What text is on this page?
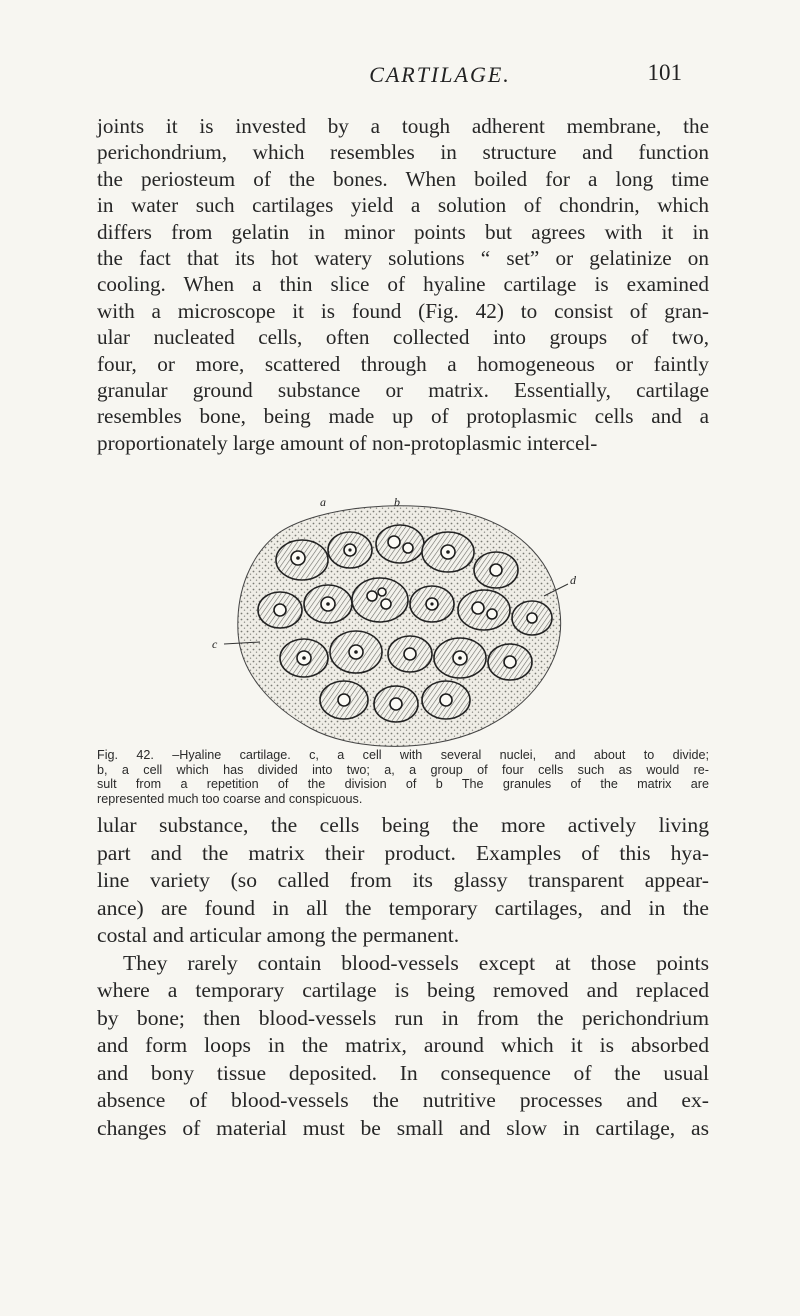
CARTILAGE.	101
joints it is invested by a tough adherent membrane, the
perichondrium, which resembles in structure and function
the periosteum of the bones. When boiled for a long time
in water such cartilages yield a solution of chondrin, which
differs from gelatin in minor points but agrees with it in
the fact that its hot watery solutions “ set” or gelatinize on
cooling. When a thin slice of hyaline cartilage is examined
with a microscope it is found (Fig. 42) to consist of gran-
ular nucleated cells, often collected into groups of two,
four, or more, scattered through a homogeneous or faintly
granular ground substance or matrix. Essentially, cartilage
resembles bone, being made up of protoplasmic cells and a
proportionately large amount of non-protoplasmic intercel-
a	b
c
d
Fig. 42. –Hyaline cartilage. c, a cell with several nuclei, and about to divide;
b, a cell which has divided into two; a, a group of four cells such as would re-
sult from a repetition of the division of b The granules of the matrix are
represented much too coarse and conspicuous.
lular substance, the cells being the more actively living
part and the matrix their product. Examples of this hya-
line variety (so called from its glassy transparent appear-
ance) are found in all the temporary cartilages, and in the
costal and articular among the permanent.
They rarely contain blood-vessels except at those points
where a temporary cartilage is being removed and replaced
by bone; then blood-vessels run in from the perichondrium
and form loops in the matrix, around which it is absorbed
and bony tissue deposited. In consequence of the usual
absence of blood-vessels the nutritive processes and ex-
changes of material must be small and slow in cartilage, as
